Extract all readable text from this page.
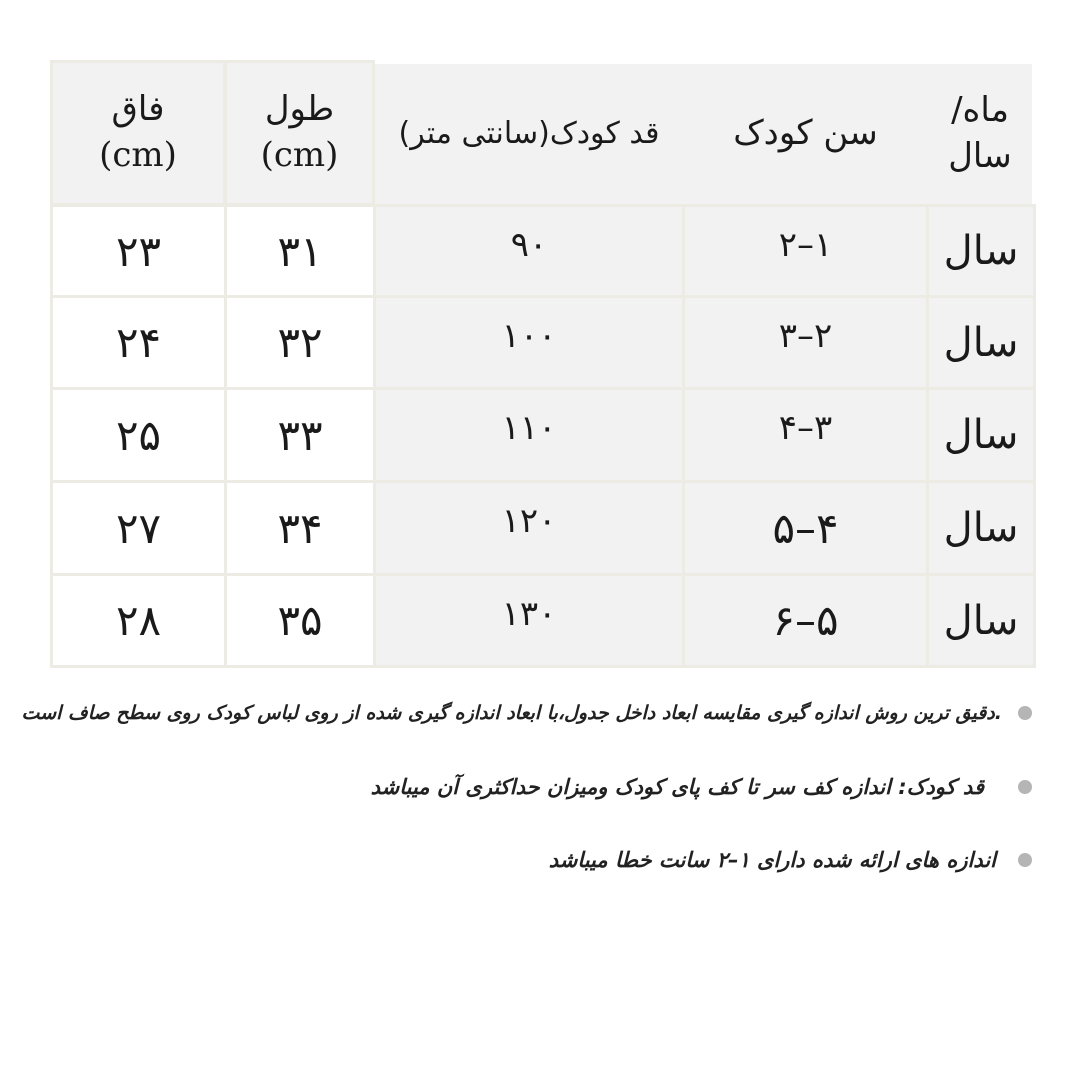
ماه/
سال
سن کودک
قد کودک(سانتی متر)
طول
(cm)
فاق
(cm)
سال
۱–۲
۹۰
۳۱
۲۳
سال
۲–۳
۱۰۰
۳۲
۲۴
سال
۳–۴
۱۱۰
۳۳
۲۵
سال
۴–۵
۱۲۰
۳۴
۲۷
سال
۵–۶
۱۳۰
۳۵
۲۸
.دقیق ترین روش اندازه گیری مقایسه ابعاد داخل جدول،با ابعاد اندازه گیری شده از روی لباس کودک روی سطح صاف است
قد کودک: اندازه کف سر تا کف پای کودک ومیزان حداکثری آن میباشد
اندازه های ارائه شده دارای ۱–۲ سانت خطا میباشد
